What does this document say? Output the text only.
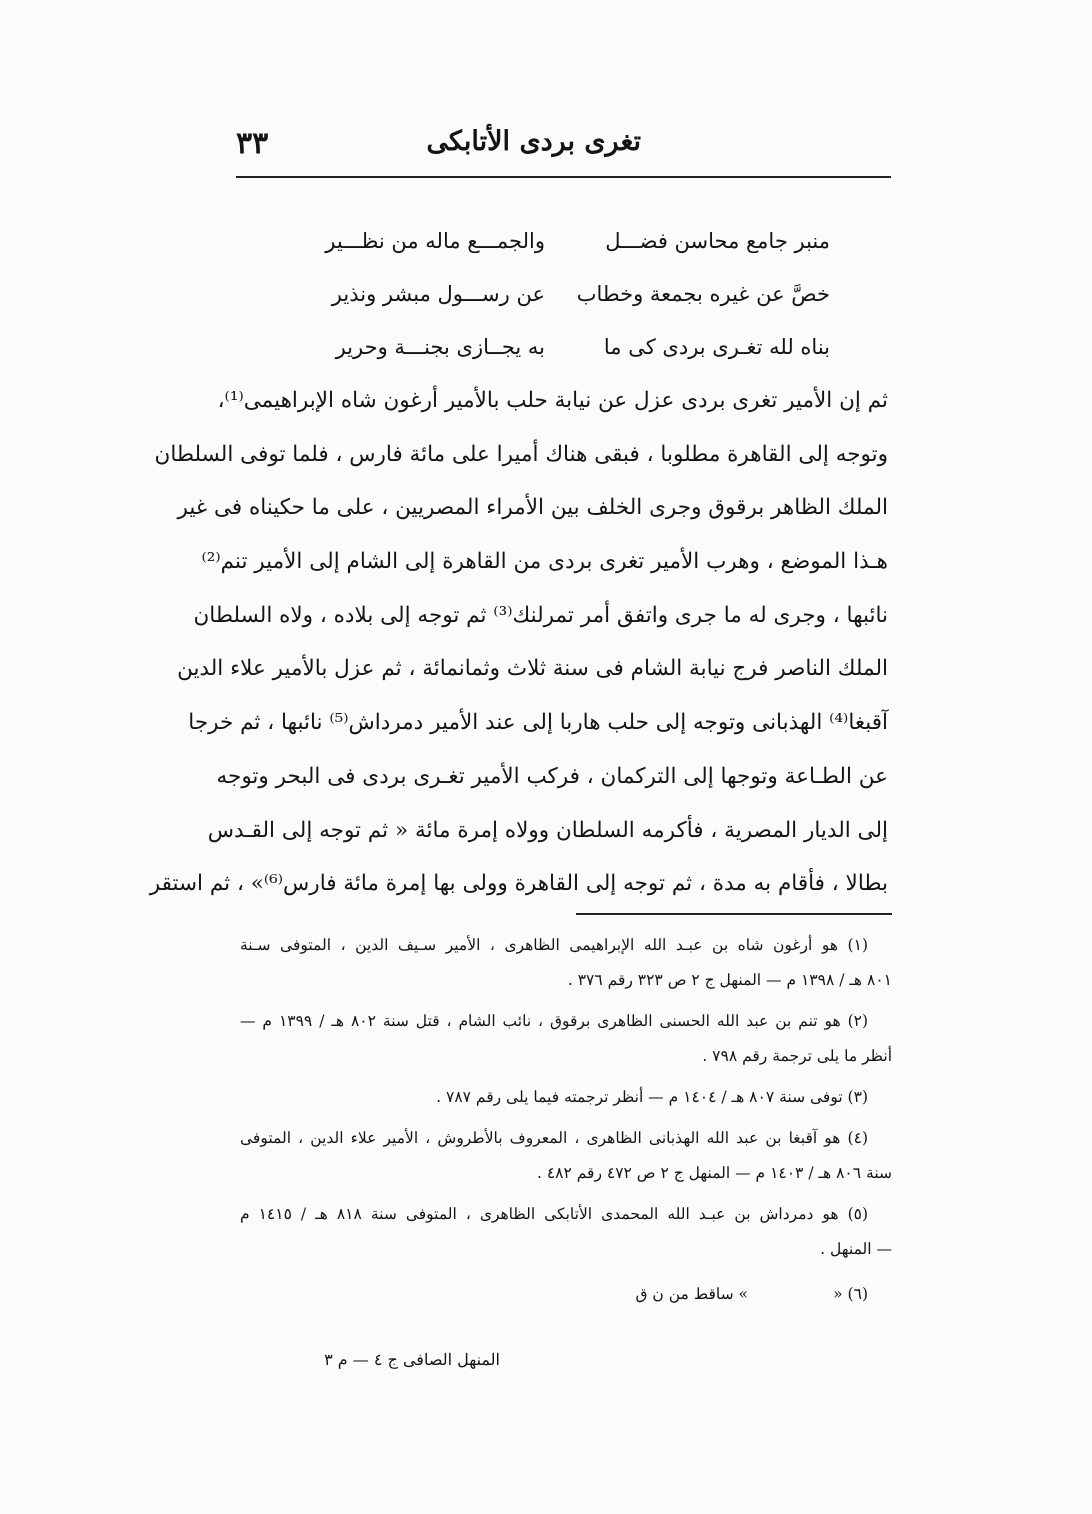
تغرى بردى الأتابكى
٣٣
منبر جامع محاسن فضـــل
والجمـــع ماله من نظـــير
خصَّ عن غيره بجمعة وخطاب
عن رســـول مبشر ونذير
بناه لله تغـرى بردى كى ما
به يجــازى بجنـــة وحرير
ثم إن الأمير تغرى بردى عزل عن نيابة حلب بالأمير أرغون شاه الإبراهيمى⁽¹⁾،
وتوجه إلى القاهرة مطلوبا ، فبقى هناك أميرا على مائة فارس ، فلما توفى السلطان
الملك الظاهر برقوق وجرى الخلف بين الأمراء المصريين ، على ما حكيناه فى غير
هـذا الموضع ، وهرب الأمير تغرى بردى من القاهرة إلى الشام إلى الأمير تنم⁽²⁾
نائبها ، وجرى له ما جرى واتفق أمر تمرلنك⁽³⁾ ثم توجه إلى بلاده ، ولاه السلطان
الملك الناصر فرج نيابة الشام فى سنة ثلاث وثمانمائة ، ثم عزل بالأمير علاء الدين
آقبغا⁽⁴⁾ الهذبانى وتوجه إلى حلب هاربا إلى عند الأمير دمرداش⁽⁵⁾ نائبها ، ثم خرجا
عن الطـاعة وتوجها إلى التركمان ، فركب الأمير تغـرى بردى فى البحر وتوجه
إلى الديار المصرية ، فأكرمه السلطان وولاه إمرة مائة « ثم توجه إلى القـدس
بطالا ، فأقام به مدة ، ثم توجه إلى القاهرة وولى بها إمرة مائة فارس⁽⁶⁾» ، ثم استقر
(١) هو أرغون شاه بن عبـد الله الإبراهيمى الظاهرى ، الأمير سـيف الدين ، المتوفى سـنة
٨٠١ هـ / ١٣٩٨ م — المنهل ج ٢ ص ٣٢٣ رقم ٣٧٦ .
(٢) هو تنم بن عبد الله الحسنى الظاهرى برقوق ، نائب الشام ، قتل سنة ٨٠٢ هـ / ١٣٩٩ م —
أنظر ما يلى ترجمة رقم ٧٩٨ .
(٣) توفى سنة ٨٠٧ هـ / ١٤٠٤ م — أنظر ترجمته فيما يلى رقم ٧٨٧ .
(٤) هو آقبغا بن عبد الله الهذبانى الظاهرى ، المعروف بالأطروش ، الأمير علاء الدين ، المتوفى
سنة ٨٠٦ هـ / ١٤٠٣ م — المنهل ج ٢ ص ٤٧٢ رقم ٤٨٢ .
(٥) هو دمرداش بن عبـد الله المحمدى الأتابكى الظاهرى ، المتوفى سنة ٨١٨ هـ / ١٤١٥ م
— المنهل .
(٦) «
» ساقط من ن ق
المنهل الصافى ج ٤ — م ٣
